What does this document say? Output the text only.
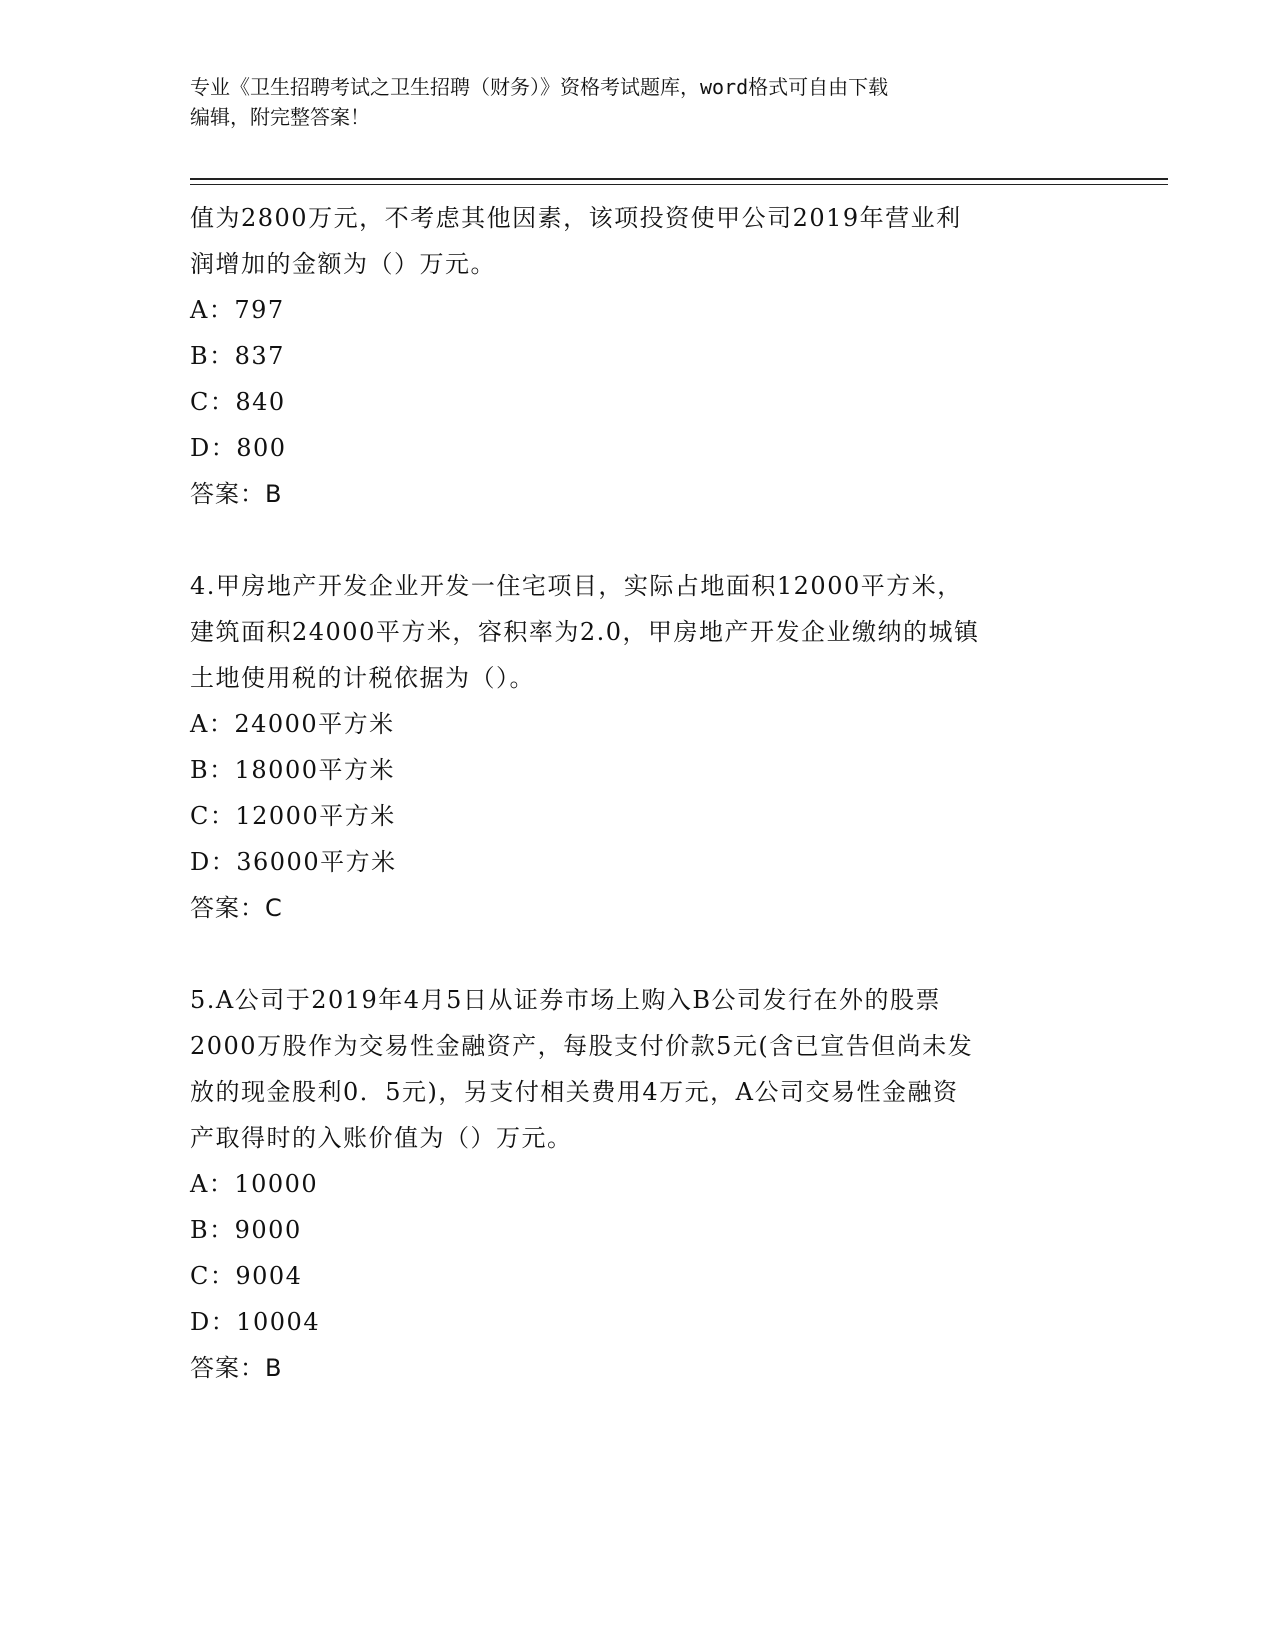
专业《卫生招聘考试之卫生招聘（财务）》资格考试题库，word格式可自由下载
编辑，附完整答案！
值为2800万元，不考虑其他因素，该项投资使甲公司2019年营业利
润增加的金额为（）万元。
A：797
B：837
C：840
D：800
答案：B
4.甲房地产开发企业开发一住宅项目，实际占地面积12000平方米，
建筑面积24000平方米，容积率为2.0，甲房地产开发企业缴纳的城镇
土地使用税的计税依据为（）。
A：24000平方米
B：18000平方米
C：12000平方米
D：36000平方米
答案：C
5.A公司于2019年4月5日从证券市场上购入B公司发行在外的股票
2000万股作为交易性金融资产，每股支付价款5元(含已宣告但尚未发
放的现金股利0．5元)，另支付相关费用4万元，A公司交易性金融资
产取得时的入账价值为（）万元。
A：10000
B：9000
C：9004
D：10004
答案：B
